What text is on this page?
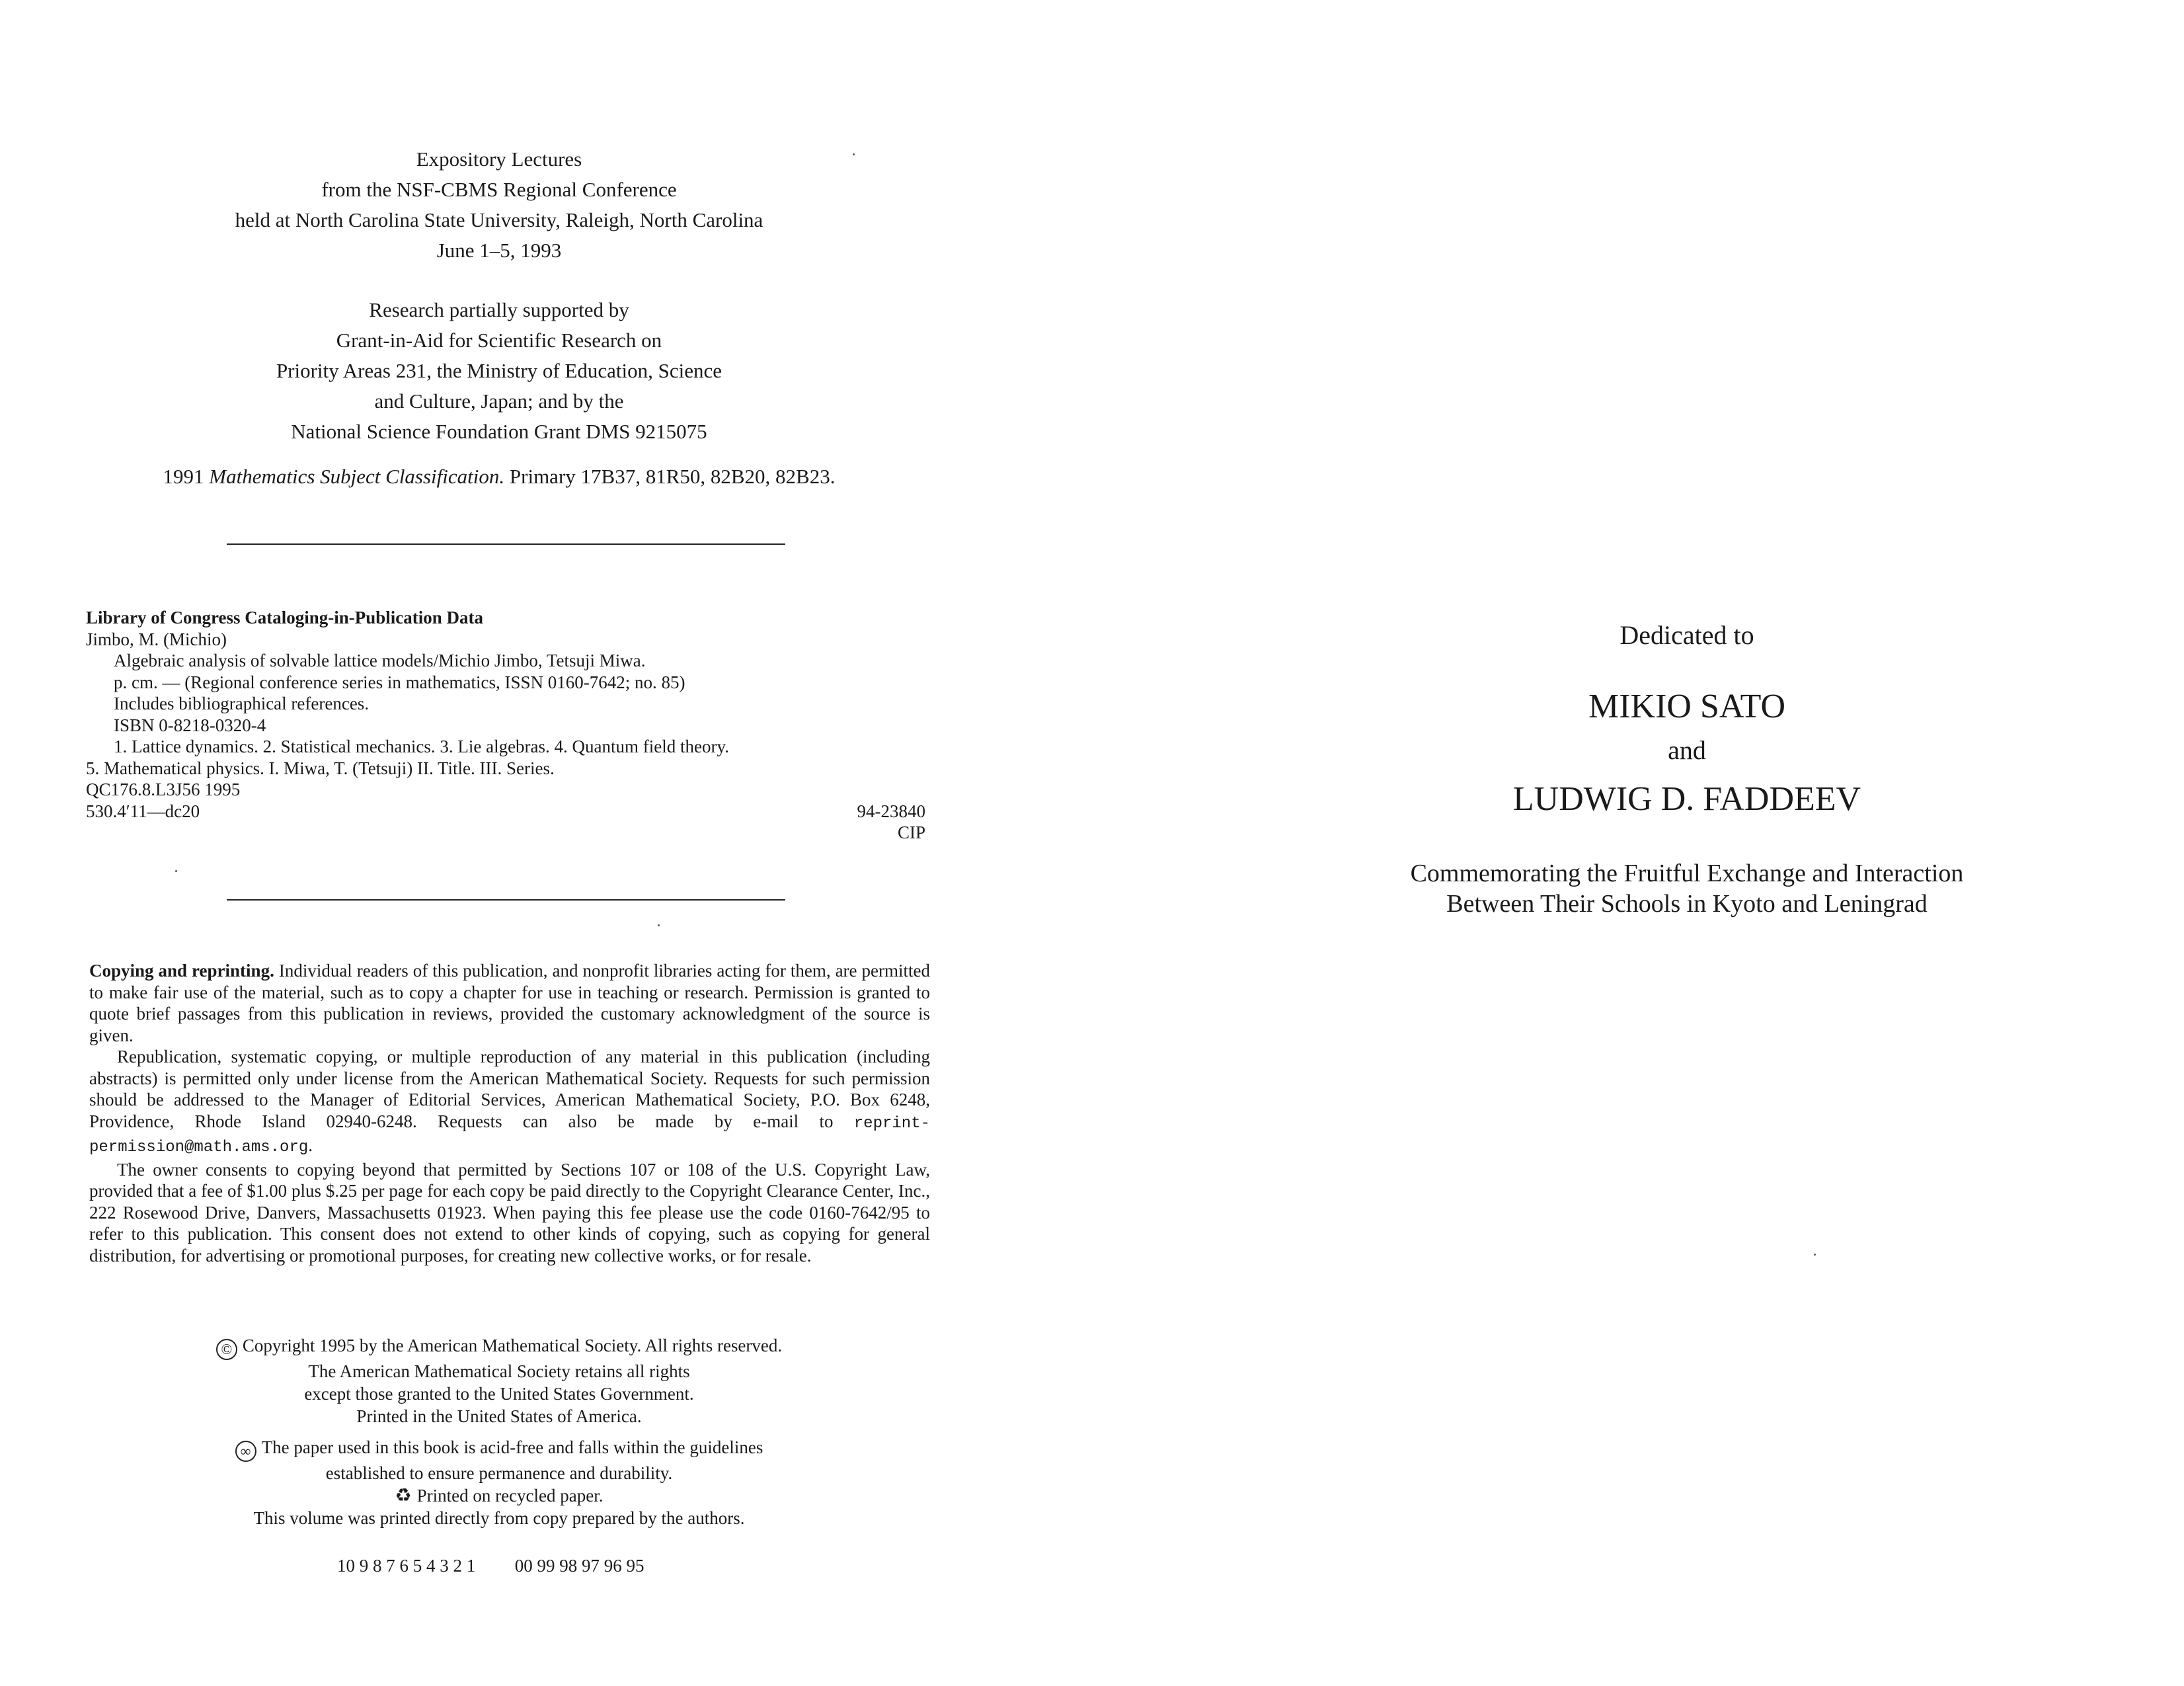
Expository Lectures
from the NSF-CBMS Regional Conference
held at North Carolina State University, Raleigh, North Carolina
June 1–5, 1993
Research partially supported by
Grant-in-Aid for Scientific Research on
Priority Areas 231, the Ministry of Education, Science
and Culture, Japan; and by the
National Science Foundation Grant DMS 9215075
1991 Mathematics Subject Classification. Primary 17B37, 81R50, 82B20, 82B23.
Library of Congress Cataloging-in-Publication Data
Jimbo, M. (Michio)
Algebraic analysis of solvable lattice models/Michio Jimbo, Tetsuji Miwa.
p. cm. — (Regional conference series in mathematics, ISSN 0160-7642; no. 85)
Includes bibliographical references.
ISBN 0-8218-0320-4
1. Lattice dynamics. 2. Statistical mechanics. 3. Lie algebras. 4. Quantum field theory.
5. Mathematical physics. I. Miwa, T. (Tetsuji) II. Title. III. Series.
QC176.8.L3J56 1995
530.4′11—dc20	94-23840
CIP
Copying and reprinting. Individual readers of this publication, and nonprofit libraries acting for them, are permitted to make fair use of the material, such as to copy a chapter for use in teaching or research. Permission is granted to quote brief passages from this publication in reviews, provided the customary acknowledgment of the source is given.
Republication, systematic copying, or multiple reproduction of any material in this publication (including abstracts) is permitted only under license from the American Mathematical Society. Requests for such permission should be addressed to the Manager of Editorial Services, American Mathematical Society, P.O. Box 6248, Providence, Rhode Island 02940-6248. Requests can also be made by e-mail to reprint-permission@math.ams.org.
The owner consents to copying beyond that permitted by Sections 107 or 108 of the U.S. Copyright Law, provided that a fee of $1.00 plus $.25 per page for each copy be paid directly to the Copyright Clearance Center, Inc., 222 Rosewood Drive, Danvers, Massachusetts 01923. When paying this fee please use the code 0160-7642/95 to refer to this publication. This consent does not extend to other kinds of copying, such as copying for general distribution, for advertising or promotional purposes, for creating new collective works, or for resale.
© Copyright 1995 by the American Mathematical Society. All rights reserved.
The American Mathematical Society retains all rights
except those granted to the United States Government.
Printed in the United States of America.
∞ The paper used in this book is acid-free and falls within the guidelines
established to ensure permanence and durability.
♻ Printed on recycled paper.
This volume was printed directly from copy prepared by the authors.
10 9 8 7 6 5 4 3 2 1 00 99 98 97 96 95
Dedicated to
MIKIO SATO
and
LUDWIG D. FADDEEV
Commemorating the Fruitful Exchange and Interaction
Between Their Schools in Kyoto and Leningrad
